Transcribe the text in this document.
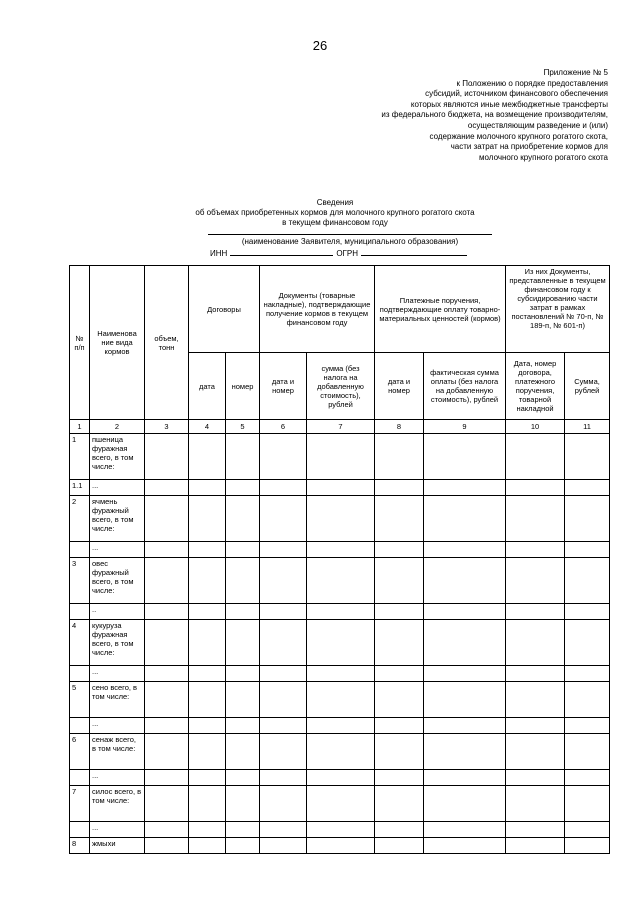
26
Приложение № 5
к Положению о порядке предоставления
субсидий, источником финансового обеспечения
которых являются иные межбюджетные трансферты
из федерального бюджета, на возмещение производителям,
осуществляющим разведение и (или)
содержание молочного крупного рогатого скота,
части затрат на приобретение кормов для
молочного крупного рогатого скота
Сведения
об объемах приобретенных кормов для молочного крупного рогатого скота
в текущем финансовом году
(наименование Заявителя, муниципального образования)
ИНН	ОГРН
№ п/п	Наименова ние вида кормов	объем, тонн	Договоры		Документы (товарные накладные), подтверждающие получение кормов в текущем финансовом году		Платежные поручения, подтверждающие оплату товарно-материальных ценностей (кормов)		Из них Документы, представленные в текущем финансовом году к субсидированию части затрат в рамках постановлений № 70-п, № 189-п, № 601-п)	
			дата	номер	дата и номер	сумма (без налога на добавленную стоимость), рублей	дата и номер	фактическая сумма оплаты (без налога на добавленную стоимость), рублей	Дата, номер договора, платежного поручения, товарной накладной	Сумма, рублей
1	2	3	4	5	6	7	8	9	10	11
1	пшеница фуражная всего, в том числе:									
1.1	...									
2	ячмень фуражный всего, в том числе:									
	...									
3	овес фуражный всего, в том числе:									
	..									
4	кукуруза фуражная всего, в том числе:									
	...									
5	сено всего, в том числе:									
	...									
6	сенаж всего, в том числе:									
	...									
7	силос всего, в том числе:									
	...									
8	жмыхи									
